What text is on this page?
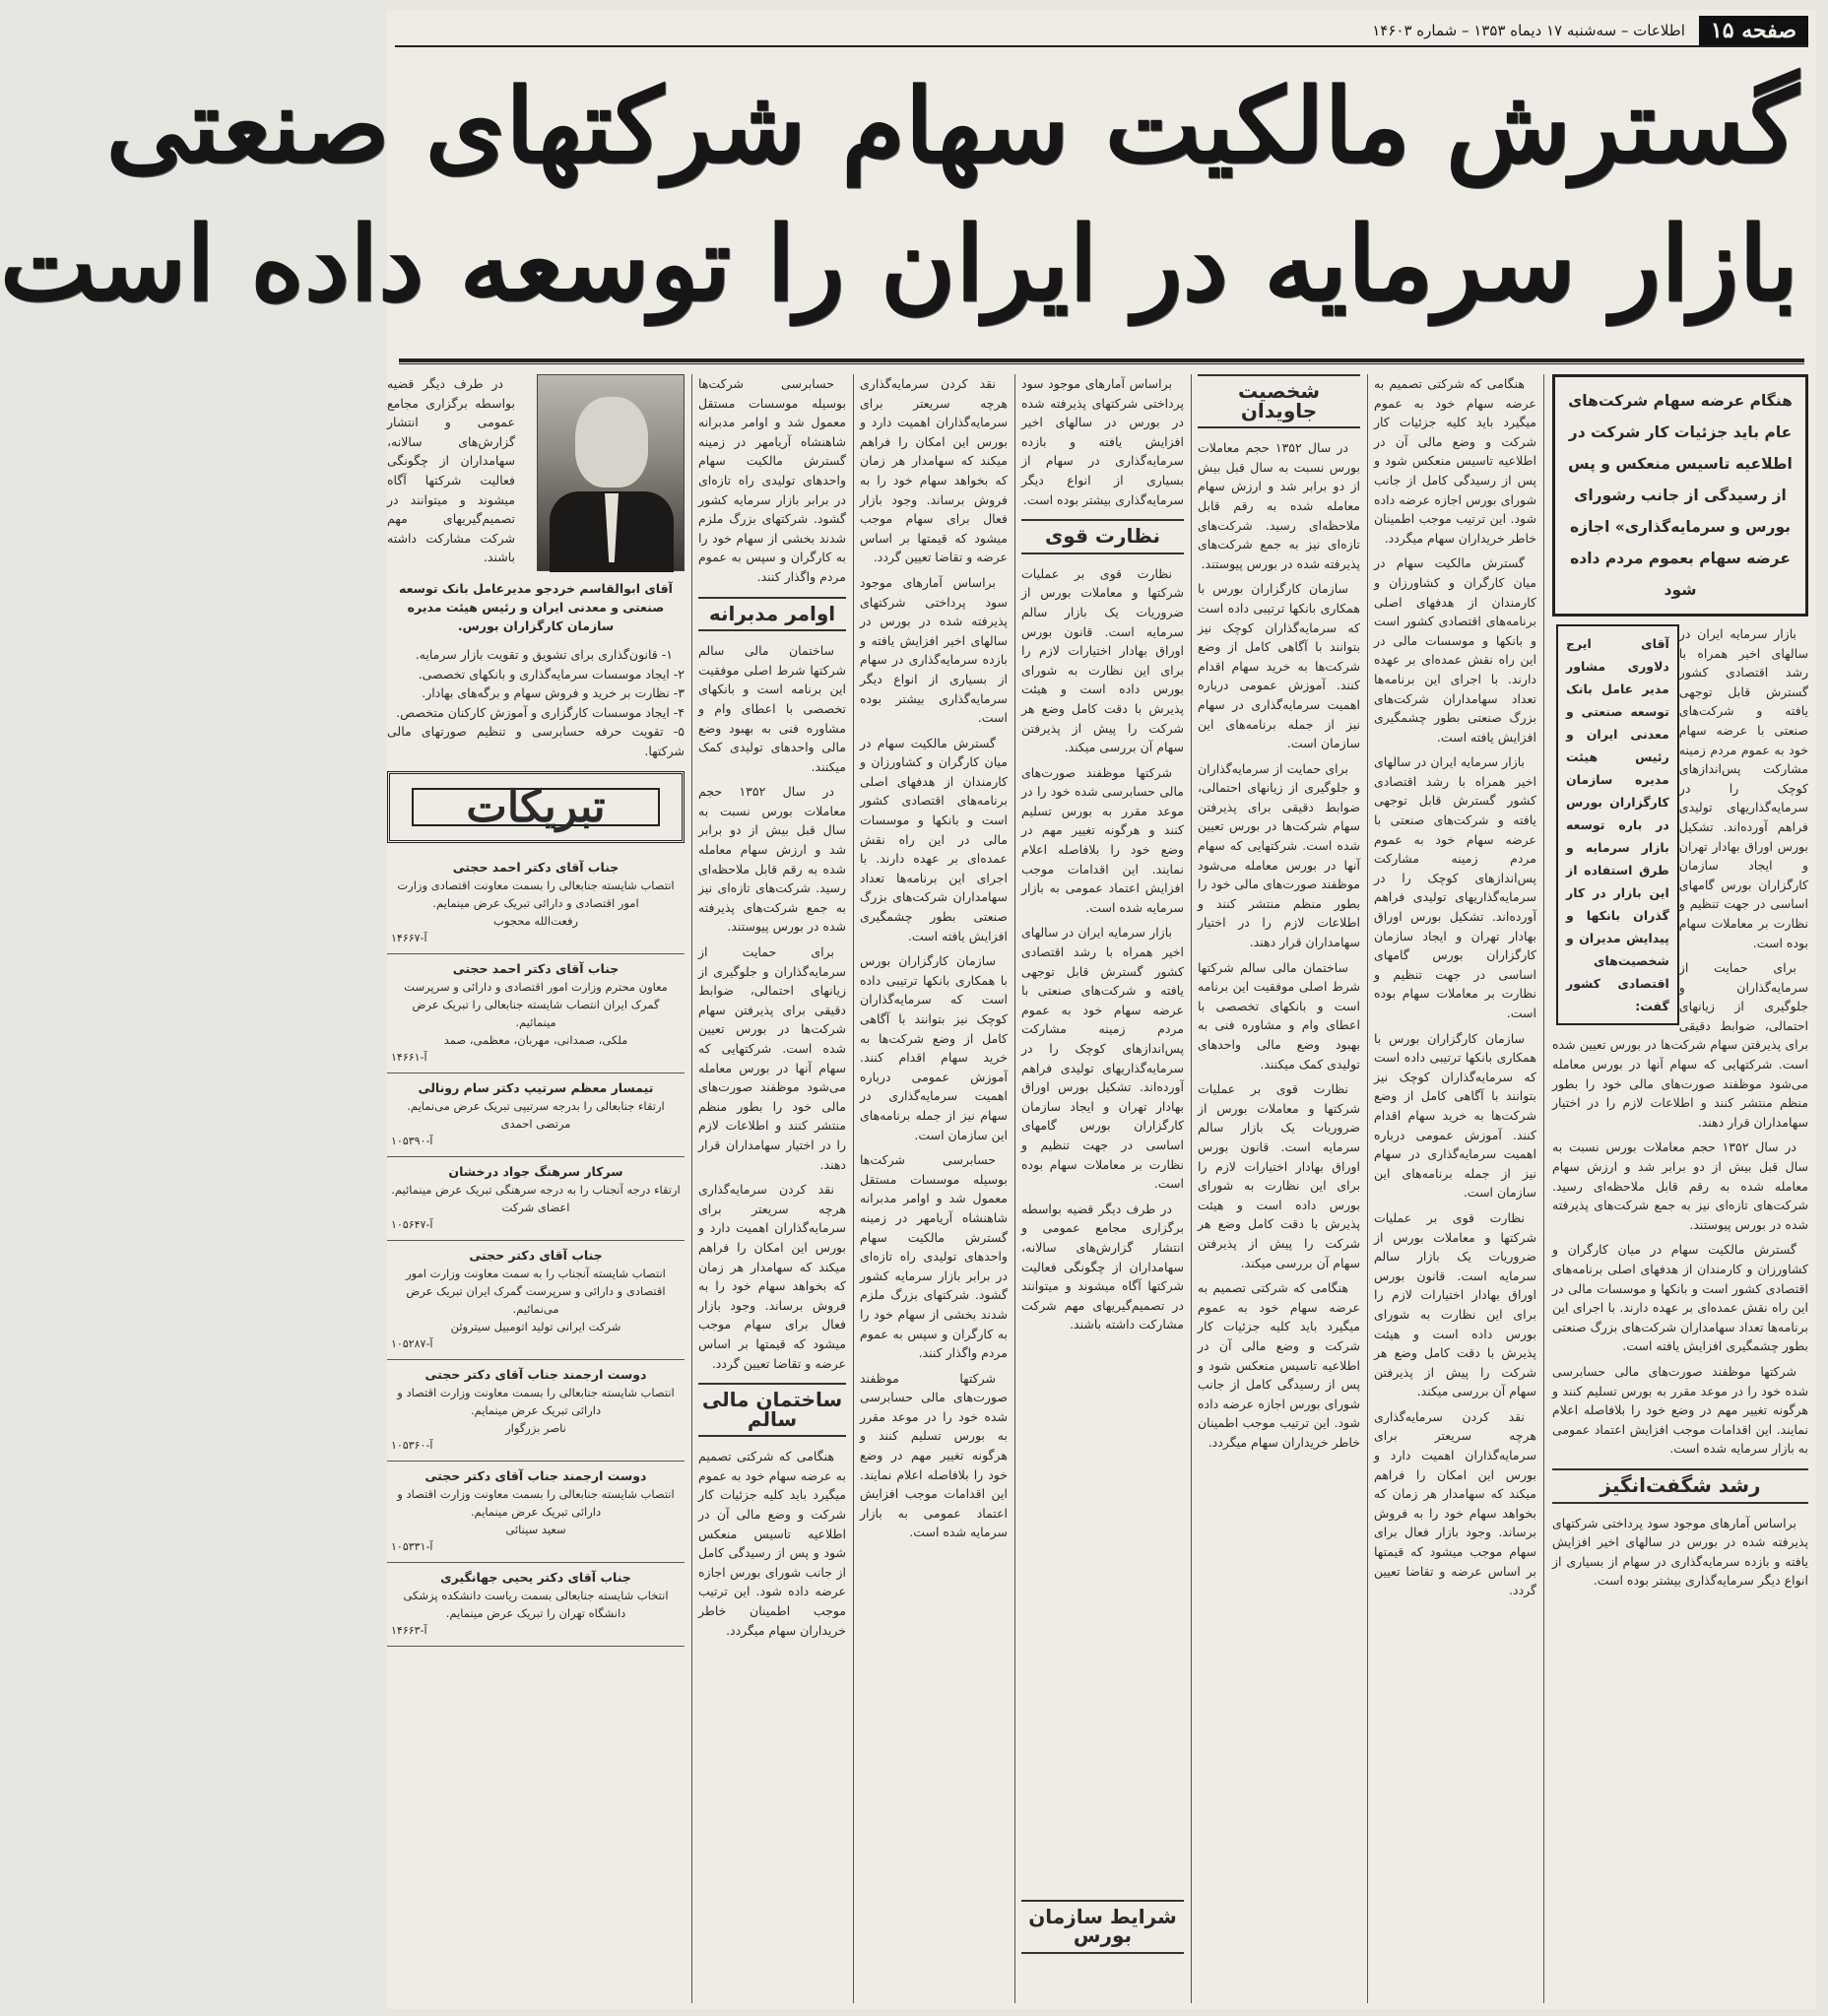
صفحه ۱۵
اطلاعات – سه‌شنبه ۱۷ دیماه ۱۳۵۳ – شماره ۱۴۶۰۳
گسترش مالکیت سهام شرکتهای صنعتی
بازار سرمایه در ایران را توسعه داده است
هنگام عرضه سهام شرکت‌های عام باید جزئیات کار شرکت در اطلاعیه تاسیس منعکس و پس از رسیدگی از جانب رشورای بورس و سرمایه‌گذاری» اجازه عرضه سهام بعموم مردم داده شود
آقای ایرج دلاوری مشاور مدیر عامل بانک توسعه صنعتی و معدنی ایران و رئیس هیئت مدیره سازمان کارگزاران بورس در باره توسعه بازار سرمایه و طرق استفاده از این بازار در کار گذران بانکها و پیدایش مدیران و شخصیت‌های اقتصادی کشور گفت:

بازار سرمایه ایران در سالهای اخیر همراه با رشد اقتصادی کشور گسترش قابل توجهی یافته و شرکت‌های صنعتی با عرضه سهام خود به عموم مردم زمینه مشارکت پس‌اندازهای کوچک را در سرمایه‌گذاریهای تولیدی فراهم آورده‌اند. تشکیل بورس اوراق بهادار تهران و ایجاد سازمان کارگزاران بورس گامهای اساسی در جهت تنظیم و نظارت بر معاملات سهام بوده است.

برای حمایت از سرمایه‌گذاران و جلوگیری از زیانهای احتمالی، ضوابط دقیقی برای پذیرفتن سهام شرکت‌ها در بورس تعیین شده است. شرکتهایی که سهام آنها در بورس معامله می‌شود موظفند صورت‌های مالی خود را بطور منظم منتشر کنند و اطلاعات لازم را در اختیار سهامداران قرار دهند.

در سال ۱۳۵۲ حجم معاملات بورس نسبت به سال قبل بیش از دو برابر شد و ارزش سهام معامله شده به رقم قابل ملاحظه‌ای رسید. شرکت‌های تازه‌ای نیز به جمع شرکت‌های پذیرفته شده در بورس پیوستند.

گسترش مالکیت سهام در میان کارگران و کشاورزان و کارمندان از هدفهای اصلی برنامه‌های اقتصادی کشور است و بانکها و موسسات مالی در این راه نقش عمده‌ای بر عهده دارند. با اجرای این برنامه‌ها تعداد سهامداران شرکت‌های بزرگ صنعتی بطور چشمگیری افزایش یافته است.

شرکتها موظفند صورت‌های مالی حسابرسی شده خود را در موعد مقرر به بورس تسلیم کنند و هرگونه تغییر مهم در وضع خود را بلافاصله اعلام نمایند. این اقدامات موجب افزایش اعتماد عمومی به بازار سرمایه شده است.

رشد شگفت‌انگیز

براساس آمارهای موجود سود پرداختی شرکتهای پذیرفته شده در بورس در سالهای اخیر افزایش یافته و بازده سرمایه‌گذاری در سهام از بسیاری از انواع دیگر سرمایه‌گذاری بیشتر بوده است.

هنگامی که شرکتی تصمیم به عرضه سهام خود به عموم میگیرد باید کلیه جزئیات کار شرکت و وضع مالی آن در اطلاعیه تاسیس منعکس شود و پس از رسیدگی کامل از جانب شورای بورس اجازه عرضه داده شود. این ترتیب موجب اطمینان خاطر خریداران سهام میگردد.

گسترش مالکیت سهام در میان کارگران و کشاورزان و کارمندان از هدفهای اصلی برنامه‌های اقتصادی کشور است و بانکها و موسسات مالی در این راه نقش عمده‌ای بر عهده دارند. با اجرای این برنامه‌ها تعداد سهامداران شرکت‌های بزرگ صنعتی بطور چشمگیری افزایش یافته است.

بازار سرمایه ایران در سالهای اخیر همراه با رشد اقتصادی کشور گسترش قابل توجهی یافته و شرکت‌های صنعتی با عرضه سهام خود به عموم مردم زمینه مشارکت پس‌اندازهای کوچک را در سرمایه‌گذاریهای تولیدی فراهم آورده‌اند. تشکیل بورس اوراق بهادار تهران و ایجاد سازمان کارگزاران بورس گامهای اساسی در جهت تنظیم و نظارت بر معاملات سهام بوده است.

سازمان کارگزاران بورس با همکاری بانکها ترتیبی داده است که سرمایه‌گذاران کوچک نیز بتوانند با آگاهی کامل از وضع شرکت‌ها به خرید سهام اقدام کنند. آموزش عمومی درباره اهمیت سرمایه‌گذاری در سهام نیز از جمله برنامه‌های این سازمان است.

نظارت قوی بر عملیات شرکتها و معاملات بورس از ضروریات یک بازار سالم سرمایه است. قانون بورس اوراق بهادار اختیارات لازم را برای این نظارت به شورای بورس داده است و هیئت پذیرش با دقت کامل وضع هر شرکت را پیش از پذیرفتن سهام آن بررسی میکند.

نقد کردن سرمایه‌گذاری هرچه سریعتر برای سرمایه‌گذاران اهمیت دارد و بورس این امکان را فراهم میکند که سهامدار هر زمان که بخواهد سهام خود را به فروش برساند. وجود بازار فعال برای سهام موجب میشود که قیمتها بر اساس عرضه و تقاضا تعیین گردد.

شخصیت جاویدان

در سال ۱۳۵۲ حجم معاملات بورس نسبت به سال قبل بیش از دو برابر شد و ارزش سهام معامله شده به رقم قابل ملاحظه‌ای رسید. شرکت‌های تازه‌ای نیز به جمع شرکت‌های پذیرفته شده در بورس پیوستند.

سازمان کارگزاران بورس با همکاری بانکها ترتیبی داده است که سرمایه‌گذاران کوچک نیز بتوانند با آگاهی کامل از وضع شرکت‌ها به خرید سهام اقدام کنند. آموزش عمومی درباره اهمیت سرمایه‌گذاری در سهام نیز از جمله برنامه‌های این سازمان است.

برای حمایت از سرمایه‌گذاران و جلوگیری از زیانهای احتمالی، ضوابط دقیقی برای پذیرفتن سهام شرکت‌ها در بورس تعیین شده است. شرکتهایی که سهام آنها در بورس معامله می‌شود موظفند صورت‌های مالی خود را بطور منظم منتشر کنند و اطلاعات لازم را در اختیار سهامداران قرار دهند.

ساختمان مالی سالم شرکتها شرط اصلی موفقیت این برنامه است و بانکهای تخصصی با اعطای وام و مشاوره فنی به بهبود وضع مالی واحدهای تولیدی کمک میکنند.

نظارت قوی بر عملیات شرکتها و معاملات بورس از ضروریات یک بازار سالم سرمایه است. قانون بورس اوراق بهادار اختیارات لازم را برای این نظارت به شورای بورس داده است و هیئت پذیرش با دقت کامل وضع هر شرکت را پیش از پذیرفتن سهام آن بررسی میکند.

هنگامی که شرکتی تصمیم به عرضه سهام خود به عموم میگیرد باید کلیه جزئیات کار شرکت و وضع مالی آن در اطلاعیه تاسیس منعکس شود و پس از رسیدگی کامل از جانب شورای بورس اجازه عرضه داده شود. این ترتیب موجب اطمینان خاطر خریداران سهام میگردد.

براساس آمارهای موجود سود پرداختی شرکتهای پذیرفته شده در بورس در سالهای اخیر افزایش یافته و بازده سرمایه‌گذاری در سهام از بسیاری از انواع دیگر سرمایه‌گذاری بیشتر بوده است.

نظارت قوی

نظارت قوی بر عملیات شرکتها و معاملات بورس از ضروریات یک بازار سالم سرمایه است. قانون بورس اوراق بهادار اختیارات لازم را برای این نظارت به شورای بورس داده است و هیئت پذیرش با دقت کامل وضع هر شرکت را پیش از پذیرفتن سهام آن بررسی میکند.

شرکتها موظفند صورت‌های مالی حسابرسی شده خود را در موعد مقرر به بورس تسلیم کنند و هرگونه تغییر مهم در وضع خود را بلافاصله اعلام نمایند. این اقدامات موجب افزایش اعتماد عمومی به بازار سرمایه شده است.

بازار سرمایه ایران در سالهای اخیر همراه با رشد اقتصادی کشور گسترش قابل توجهی یافته و شرکت‌های صنعتی با عرضه سهام خود به عموم مردم زمینه مشارکت پس‌اندازهای کوچک را در سرمایه‌گذاریهای تولیدی فراهم آورده‌اند. تشکیل بورس اوراق بهادار تهران و ایجاد سازمان کارگزاران بورس گامهای اساسی در جهت تنظیم و نظارت بر معاملات سهام بوده است.

در طرف دیگر قضیه بواسطه برگزاری مجامع عمومی و انتشار گزارش‌های سالانه، سهامداران از چگونگی فعالیت شرکتها آگاه میشوند و میتوانند در تصمیم‌گیریهای مهم شرکت مشارکت داشته باشند.

شرایط سازمان بورس

نقد کردن سرمایه‌گذاری هرچه سریعتر برای سرمایه‌گذاران اهمیت دارد و بورس این امکان را فراهم میکند که سهامدار هر زمان که بخواهد سهام خود را به فروش برساند. وجود بازار فعال برای سهام موجب میشود که قیمتها بر اساس عرضه و تقاضا تعیین گردد.

براساس آمارهای موجود سود پرداختی شرکتهای پذیرفته شده در بورس در سالهای اخیر افزایش یافته و بازده سرمایه‌گذاری در سهام از بسیاری از انواع دیگر سرمایه‌گذاری بیشتر بوده است.

گسترش مالکیت سهام در میان کارگران و کشاورزان و کارمندان از هدفهای اصلی برنامه‌های اقتصادی کشور است و بانکها و موسسات مالی در این راه نقش عمده‌ای بر عهده دارند. با اجرای این برنامه‌ها تعداد سهامداران شرکت‌های بزرگ صنعتی بطور چشمگیری افزایش یافته است.

سازمان کارگزاران بورس با همکاری بانکها ترتیبی داده است که سرمایه‌گذاران کوچک نیز بتوانند با آگاهی کامل از وضع شرکت‌ها به خرید سهام اقدام کنند. آموزش عمومی درباره اهمیت سرمایه‌گذاری در سهام نیز از جمله برنامه‌های این سازمان است.

حسابرسی شرکت‌ها بوسیله موسسات مستقل معمول شد و اوامر مدبرانه شاهنشاه آریامهر در زمینه گسترش مالکیت سهام واحدهای تولیدی راه تازه‌ای در برابر بازار سرمایه کشور گشود. شرکتهای بزرگ ملزم شدند بخشی از سهام خود را به کارگران و سپس به عموم مردم واگذار کنند.

شرکتها موظفند صورت‌های مالی حسابرسی شده خود را در موعد مقرر به بورس تسلیم کنند و هرگونه تغییر مهم در وضع خود را بلافاصله اعلام نمایند. این اقدامات موجب افزایش اعتماد عمومی به بازار سرمایه شده است.

حسابرسی شرکت‌ها بوسیله موسسات مستقل معمول شد و اوامر مدبرانه شاهنشاه آریامهر در زمینه گسترش مالکیت سهام واحدهای تولیدی راه تازه‌ای در برابر بازار سرمایه کشور گشود. شرکتهای بزرگ ملزم شدند بخشی از سهام خود را به کارگران و سپس به عموم مردم واگذار کنند.

اوامر مدبرانه

ساختمان مالی سالم شرکتها شرط اصلی موفقیت این برنامه است و بانکهای تخصصی با اعطای وام و مشاوره فنی به بهبود وضع مالی واحدهای تولیدی کمک میکنند.

در سال ۱۳۵۲ حجم معاملات بورس نسبت به سال قبل بیش از دو برابر شد و ارزش سهام معامله شده به رقم قابل ملاحظه‌ای رسید. شرکت‌های تازه‌ای نیز به جمع شرکت‌های پذیرفته شده در بورس پیوستند.

برای حمایت از سرمایه‌گذاران و جلوگیری از زیانهای احتمالی، ضوابط دقیقی برای پذیرفتن سهام شرکت‌ها در بورس تعیین شده است. شرکتهایی که سهام آنها در بورس معامله می‌شود موظفند صورت‌های مالی خود را بطور منظم منتشر کنند و اطلاعات لازم را در اختیار سهامداران قرار دهند.

نقد کردن سرمایه‌گذاری هرچه سریعتر برای سرمایه‌گذاران اهمیت دارد و بورس این امکان را فراهم میکند که سهامدار هر زمان که بخواهد سهام خود را به فروش برساند. وجود بازار فعال برای سهام موجب میشود که قیمتها بر اساس عرضه و تقاضا تعیین گردد.

ساختمان مالی سالم

هنگامی که شرکتی تصمیم به عرضه سهام خود به عموم میگیرد باید کلیه جزئیات کار شرکت و وضع مالی آن در اطلاعیه تاسیس منعکس شود و پس از رسیدگی کامل از جانب شورای بورس اجازه عرضه داده شود. این ترتیب موجب اطمینان خاطر خریداران سهام میگردد.

در طرف دیگر قضیه بواسطه برگزاری مجامع عمومی و انتشار گزارش‌های سالانه، سهامداران از چگونگی فعالیت شرکتها آگاه میشوند و میتوانند در تصمیم‌گیریهای مهم شرکت مشارکت داشته باشند.

آقای ابوالقاسم خردجو مدیرعامل بانک توسعه صنعتی و معدنی ایران و رئیس هیئت مدیره سازمان کارگزاران بورس.

۱- قانون‌گذاری برای تشویق و تقویت بازار سرمایه.
۲- ایجاد موسسات سرمایه‌گذاری و بانکهای تخصصی.
۳- نظارت بر خرید و فروش سهام و برگه‌های بهادار.
۴- ایجاد موسسات کارگزاری و آموزش کارکنان متخصص.
۵- تقویت حرفه حسابرسی و تنظیم صورتهای مالی شرکتها.

تبریکات
جناب آقای دکتر احمد حجتی
انتصاب شایسته جنابعالی را بسمت معاونت اقتصادی وزارت امور اقتصادی و دارائی تبریک عرض مینمایم.
رفعت‌الله محجوب
آ-۱۴۶۶۷
جناب آقای دکتر احمد حجتی
معاون محترم وزارت امور اقتصادی و دارائی و سرپرست گمرک ایران انتصاب شایسته جنابعالی را تبریک عرض مینمائیم.
ملکی، صمدانی، مهربان، معظمی، صمد
آ-۱۴۶۶۱
تیمسار معظم سرتیپ دکتر سام رونالی
ارتقاء جنابعالی را بدرجه سرتیپی تبریک عرض می‌نمایم.
مرتضی احمدی
آ-۱۰۵۳۹۰
سرکار سرهنگ جواد درخشان
ارتقاء درجه آنجناب را به درجه سرهنگی تبریک عرض مینمائیم.
اعضای شرکت
آ-۱۰۵۶۴۷
جناب آقای دکتر حجتی
انتصاب شایسته آنجناب را به سمت معاونت وزارت امور اقتصادی و دارائی و سرپرست گمرک ایران تبریک عرض می‌نمائیم.
شرکت ایرانی تولید اتومبیل سیتروئن
آ-۱۰۵۲۸۷
دوست ارجمند جناب آقای دکتر حجتی
انتصاب شایسته جنابعالی را بسمت معاونت وزارت اقتصاد و دارائی تبریک عرض مینمایم.
ناصر بزرگوار
آ-۱۰۵۳۶۰
دوست ارجمند جناب آقای دکتر حجتی
انتصاب شایسته جنابعالی را بسمت معاونت وزارت اقتصاد و دارائی تبریک عرض مینمایم.
سعید سینائی
آ-۱۰۵۳۳۱
جناب آقای دکتر یحیی جهانگیری
انتخاب شایسته جنابعالی بسمت ریاست دانشکده پزشکی دانشگاه تهران را تبریک عرض مینمایم.
آ-۱۴۶۶۳
